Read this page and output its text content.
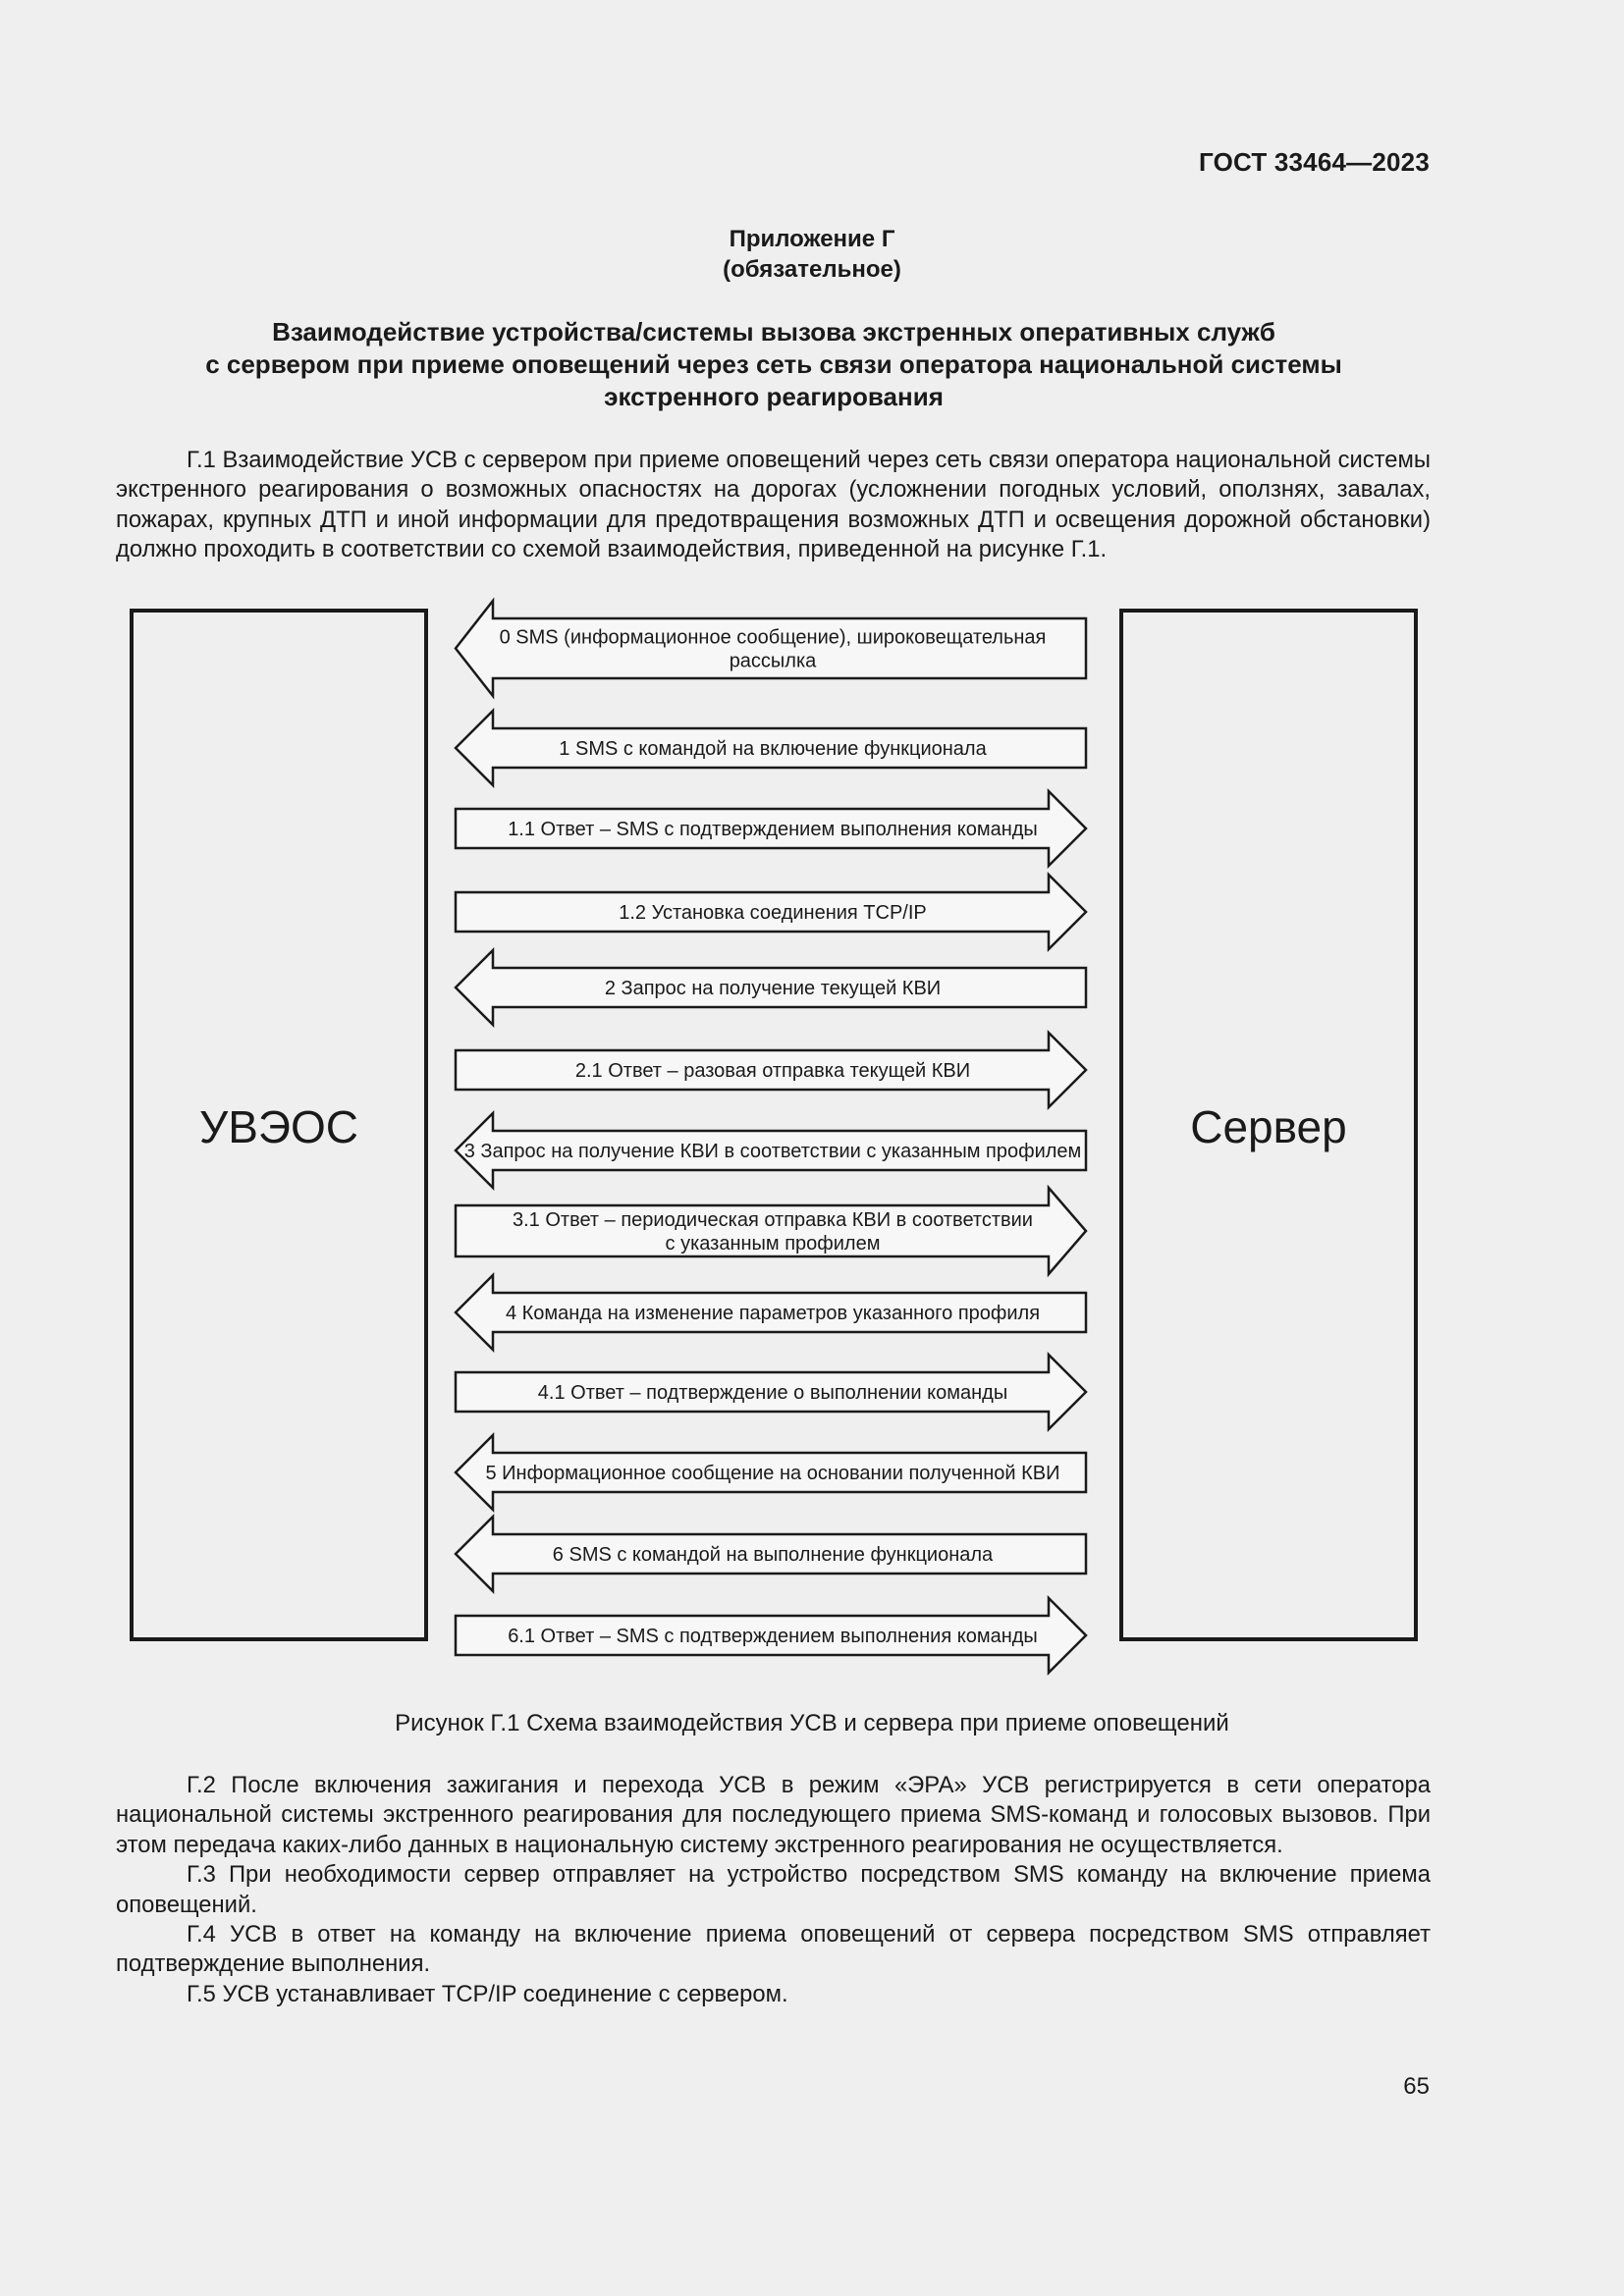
ГОСТ 33464—2023
Приложение Г
(обязательное)
Взаимодействие устройства/системы вызова экстренных оперативных служб
с сервером при приеме оповещений через сеть связи оператора национальной системы
экстренного реагирования

Г.1 Взаимодействие УСВ с сервером при приеме оповещений через сеть связи оператора национальной системы экстренного реагирования о возможных опасностях на дорогах (усложнении погодных условий, оползнях, завалах, пожарах, крупных ДТП и иной информации для предотвращения возможных ДТП и освещения дорожной обстановки) должно проходить в соответствии со схемой взаимодействия, приведенной на рисунке Г.1.

УВЭОС	Сервер
0 SMS (информационное сообщение), широковещательная
рассылка
1 SMS с командой на включение функционала
1.1 Ответ – SMS с подтверждением выполнения команды
1.2 Установка соединения TCP/IP
2 Запрос на получение текущей КВИ
2.1 Ответ – разовая отправка текущей КВИ
3 Запрос на получение КВИ в соответствии с указанным профилем
3.1 Ответ – периодическая отправка КВИ в соответствии
с указанным профилем
4 Команда на изменение параметров указанного профиля
4.1 Ответ – подтверждение о выполнении команды
5 Информационное сообщение на основании полученной КВИ
6 SMS с командой на выполнение функционала
6.1 Ответ – SMS с подтверждением выполнения команды
Рисунок Г.1 Схема взаимодействия УСВ и сервера при приеме оповещений

Г.2 После включения зажигания и перехода УСВ в режим «ЭРА» УСВ регистрируется в сети оператора национальной системы экстренного реагирования для последующего приема SMS-команд и голосовых вызовов. При этом передача каких-либо данных в национальную систему экстренного реагирования не осуществляется.

Г.3 При необходимости сервер отправляет на устройство посредством SMS команду на включение приема оповещений.

Г.4 УСВ в ответ на команду на включение приема оповещений от сервера посредством SMS отправляет подтверждение выполнения.

Г.5 УСВ устанавливает TCP/IP соединение с сервером.

65
